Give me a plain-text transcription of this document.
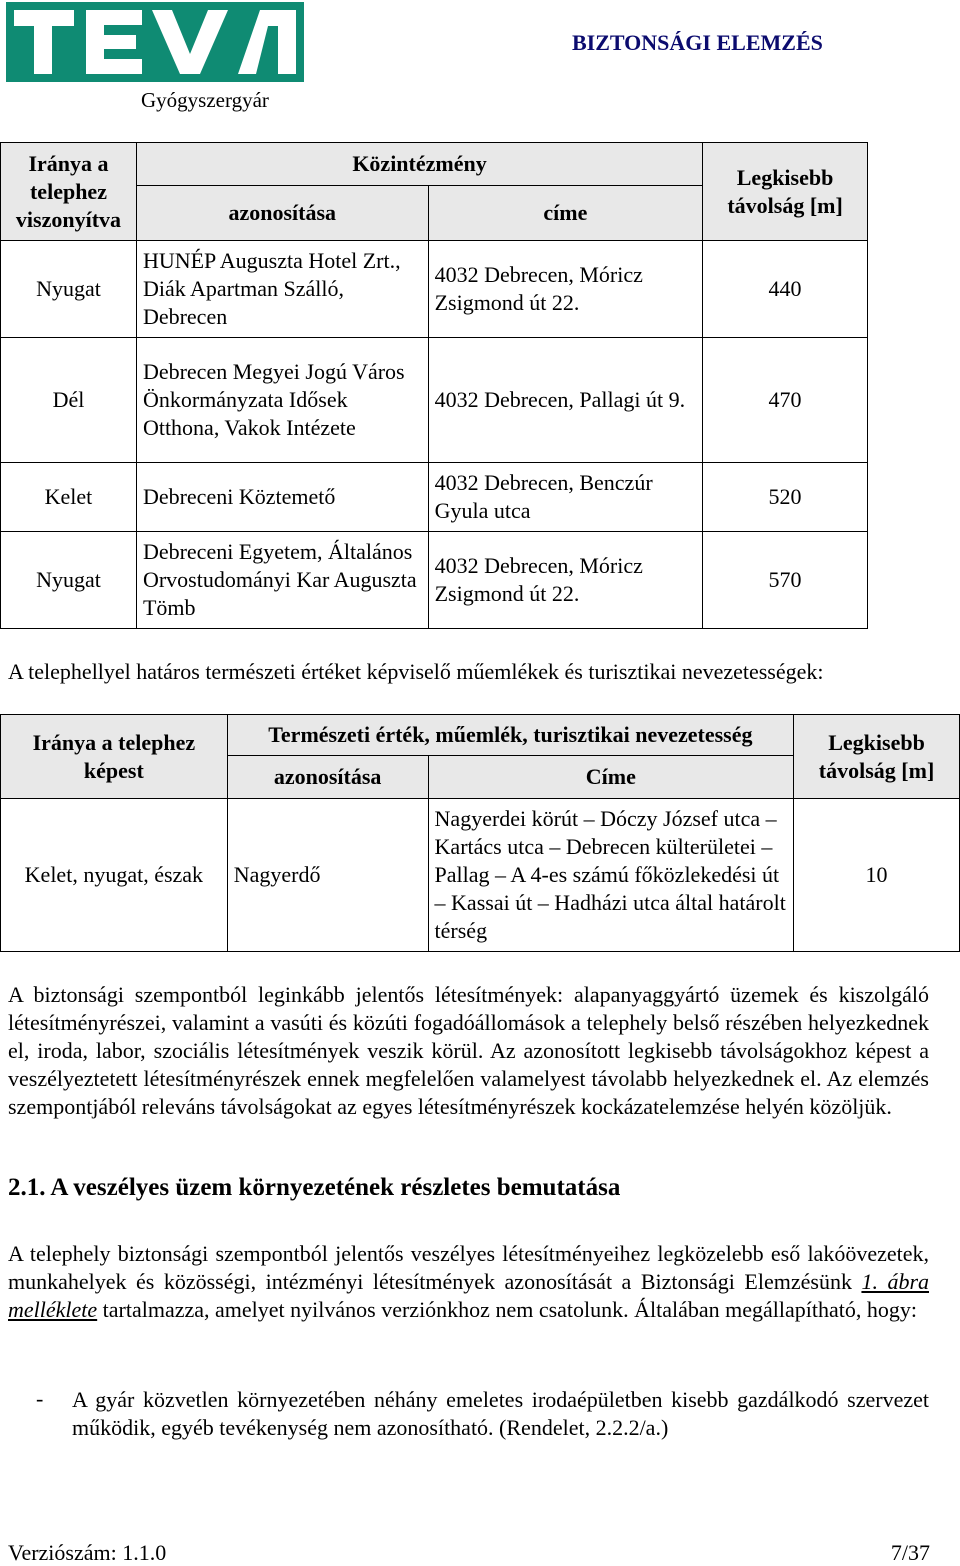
Gyógyszergyár
BIZTONSÁGI ELEMZÉS
Iránya a telephez viszonyítva	Közintézmény		Legkisebb távolság [m]
	azonosítása	címe	
Nyugat	HUNÉP Auguszta Hotel Zrt., Diák Apartman Szálló, Debrecen	4032 Debrecen, Móricz Zsigmond út 22.	440
Dél	Debrecen Megyei Jogú Város Önkormányzata Idősek Otthona, Vakok Intézete	4032 Debrecen, Pallagi út 9.	470
Kelet	Debreceni Köztemető	4032 Debrecen, Benczúr Gyula utca	520
Nyugat	Debreceni Egyetem, Általános Orvostudományi Kar Auguszta Tömb	4032 Debrecen, Móricz Zsigmond út 22.	570
A telephellyel határos természeti értéket képviselő műemlékek és turisztikai nevezetességek:
Iránya a telephez képest	Természeti érték, műemlék, turisztikai nevezetesség		Legkisebb távolság [m]
	azonosítása	Címe	
Kelet, nyugat, észak	Nagyerdő	Nagyerdei körút – Dóczy József utca – Kartács utca – Debrecen külterületei – Pallag – A 4-es számú főközlekedési út – Kassai út – Hadházi utca által határolt térség	10
A biztonsági szempontból leginkább jelentős létesítmények: alapanyaggyártó üzemek és kiszolgáló létesítményrészei, valamint a vasúti és közúti fogadóállomások a telephely belső részében helyezkednek el, iroda, labor, szociális létesítmények veszik körül. Az azonosított legkisebb távolságokhoz képest a veszélyeztetett létesítményrészek ennek megfelelően valamelyest távolabb helyezkednek el. Az elemzés szempontjából releváns távolságokat az egyes létesítményrészek kockázatelemzése helyén közöljük.
2.1. A veszélyes üzem környezetének részletes bemutatása
A telephely biztonsági szempontból jelentős veszélyes létesítményeihez legközelebb eső lakóövezetek, munkahelyek és közösségi, intézményi létesítmények azonosítását a Biztonsági Elemzésünk 1. ábra melléklete tartalmazza, amelyet nyilvános verziónkhoz nem csatolunk. Általában megállapítható, hogy:
- A gyár közvetlen környezetében néhány emeletes irodaépületben kisebb gazdálkodó szervezet működik, egyéb tevékenység nem azonosítható. (Rendelet, 2.2.2/a.)
Verziószám: 1.1.0	7/37
